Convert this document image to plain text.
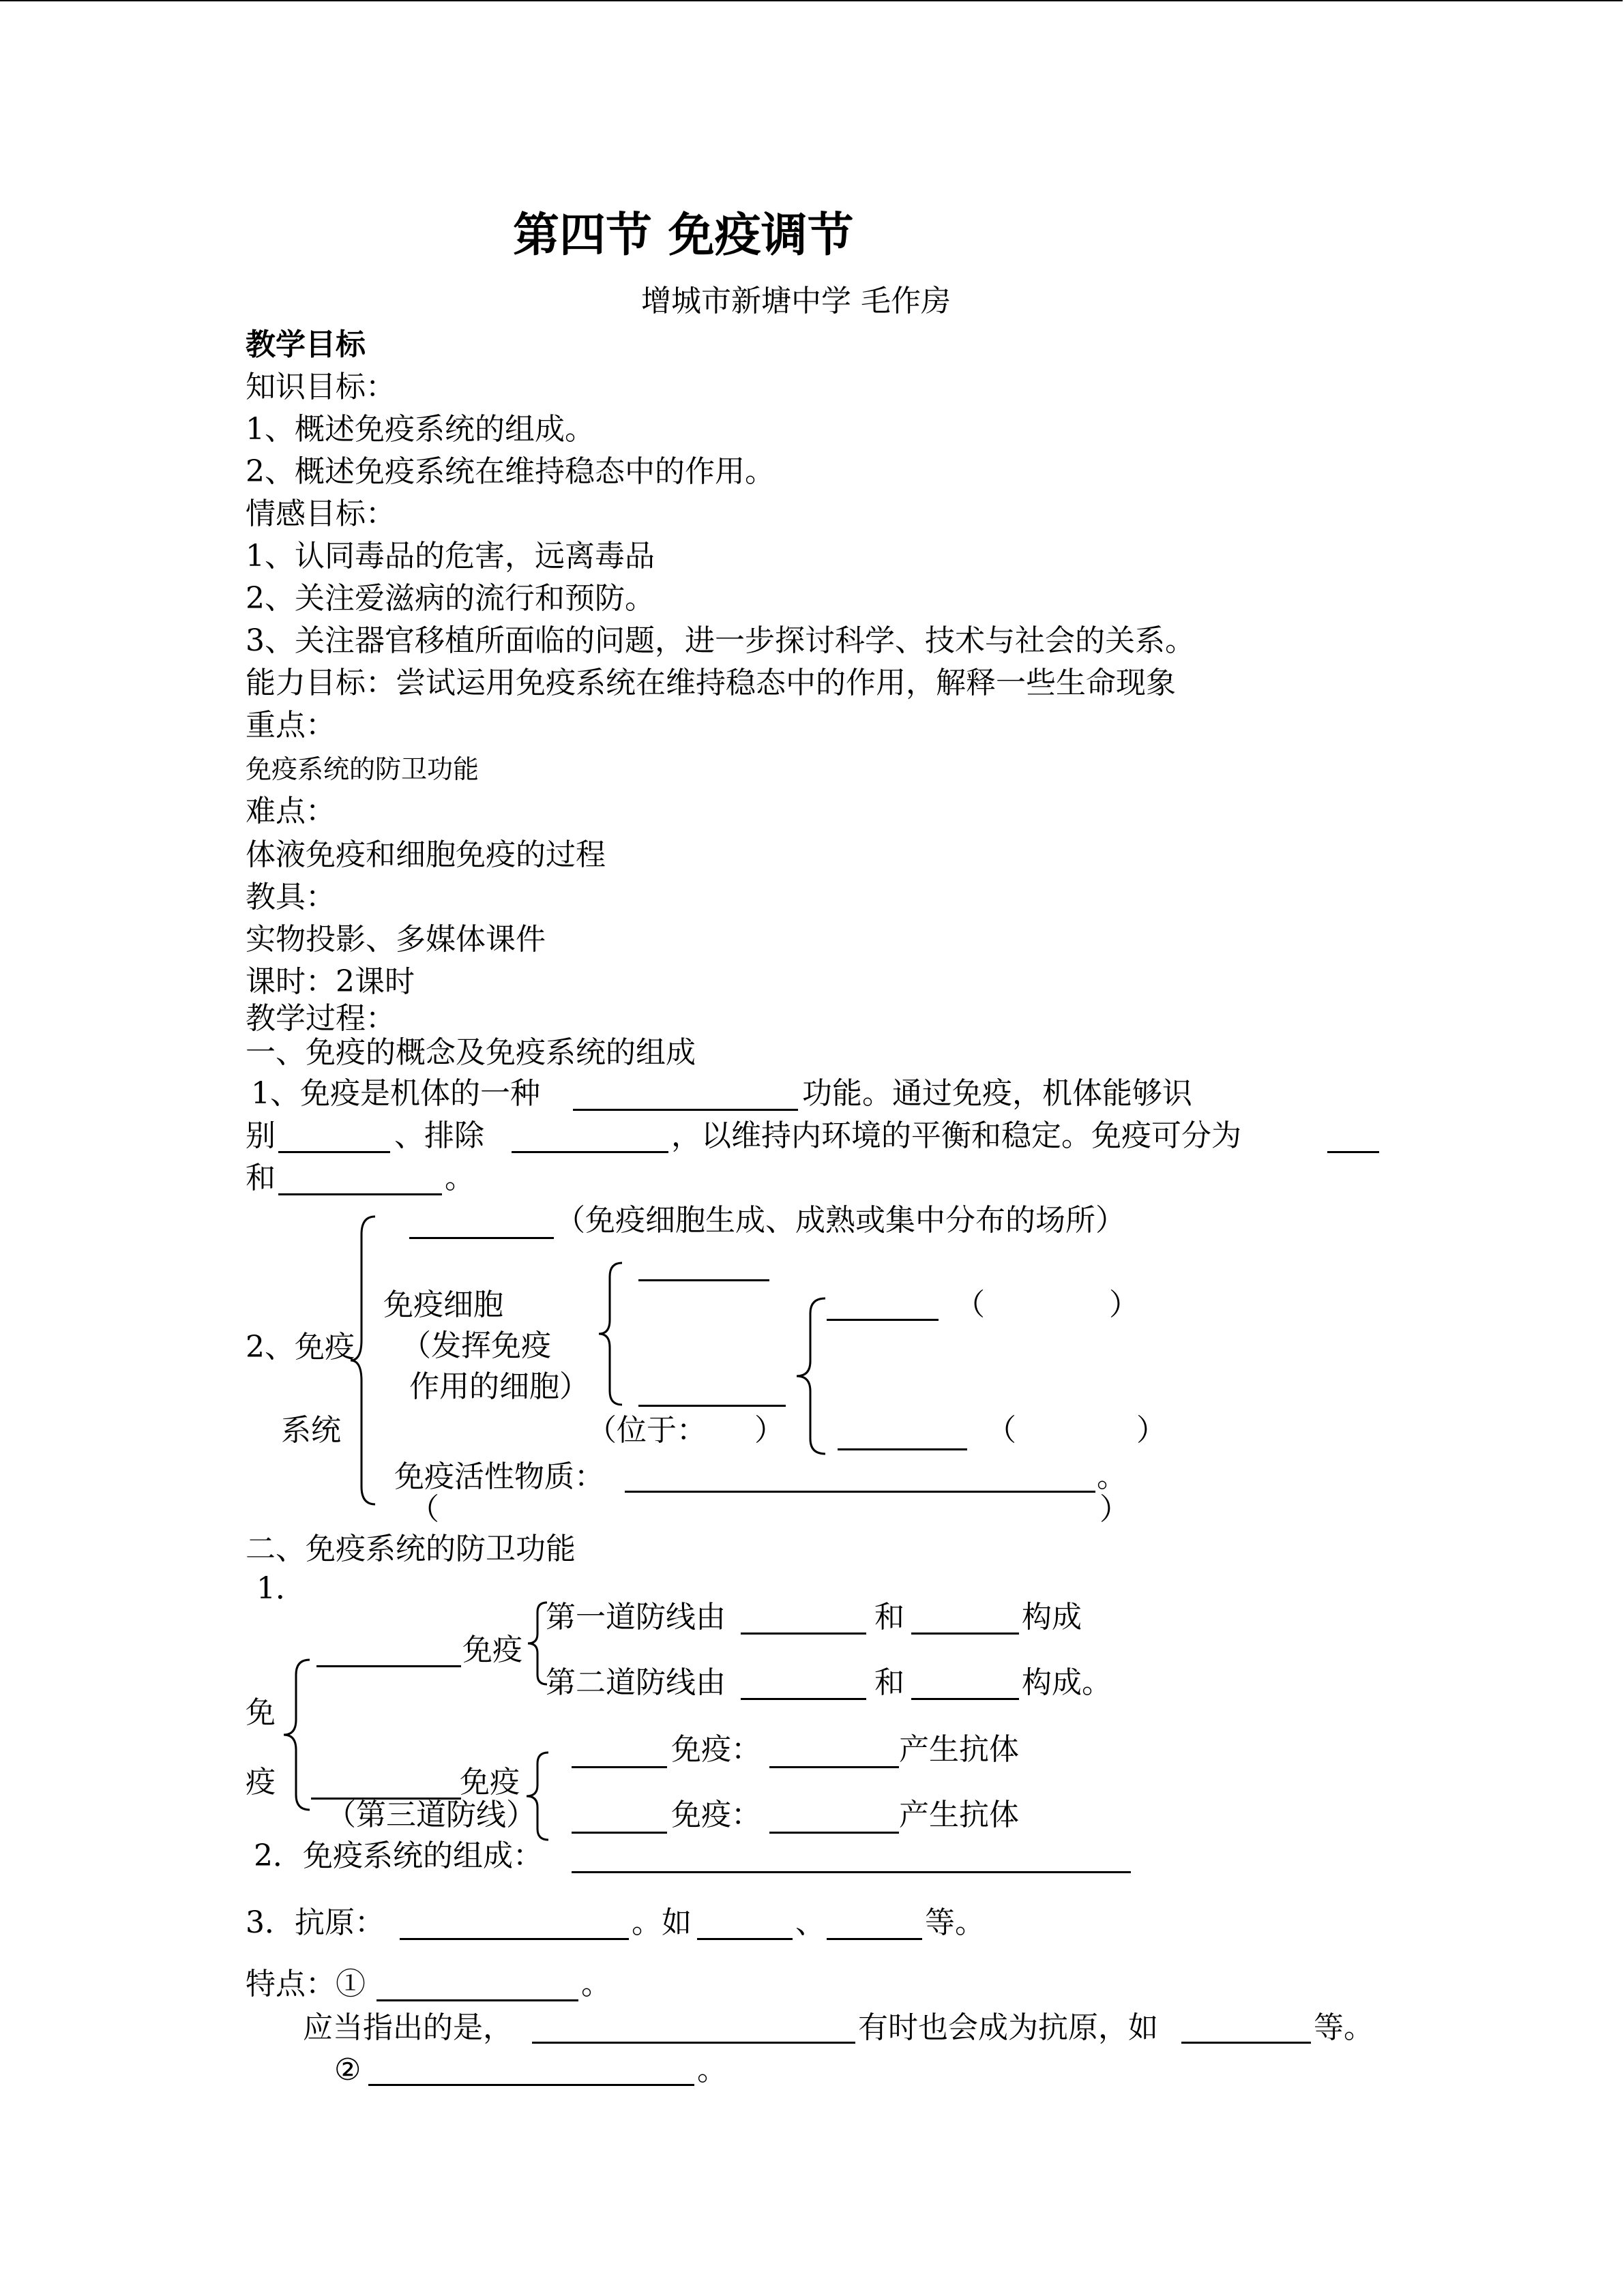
第四节 免疫调节
增城市新塘中学 毛作房
教学目标
知识目标：
1、概述免疫系统的组成。
2、概述免疫系统在维持稳态中的作用。
情感目标：
1、认同毒品的危害，远离毒品
2、关注爱滋病的流行和预防。
3、关注器官移植所面临的问题，进一步探讨科学、技术与社会的关系。
能力目标：尝试运用免疫系统在维持稳态中的作用，解释一些生命现象
重点：
免疫系统的防卫功能
难点：
体液免疫和细胞免疫的过程
教具：
实物投影、多媒体课件
课时：2课时
教学过程：
一、免疫的概念及免疫系统的组成
1、免疫是机体的一种	功能。通过免疫，机体能够识
别	、排除	，以维持内环境的平衡和稳定。免疫可分为
和	。
（免疫细胞生成、成熟或集中分布的场所）
2、免疫
系统
免疫细胞
（发挥免疫
作用的细胞）
（位于： ）
（	）
（	）
免疫活性物质：	。
（	）
二、免疫系统的防卫功能
1．
免疫
第一道防线由	和	构成
第二道防线由	和	构成。
免
疫	免疫
（第三道防线）
免疫：	产生抗体
免疫：	产生抗体
2．免疫系统的组成：
3．抗原：	。如	、	等。
特点：①	。
应当指出的是，	有时也会成为抗原，如	等。
②	。
